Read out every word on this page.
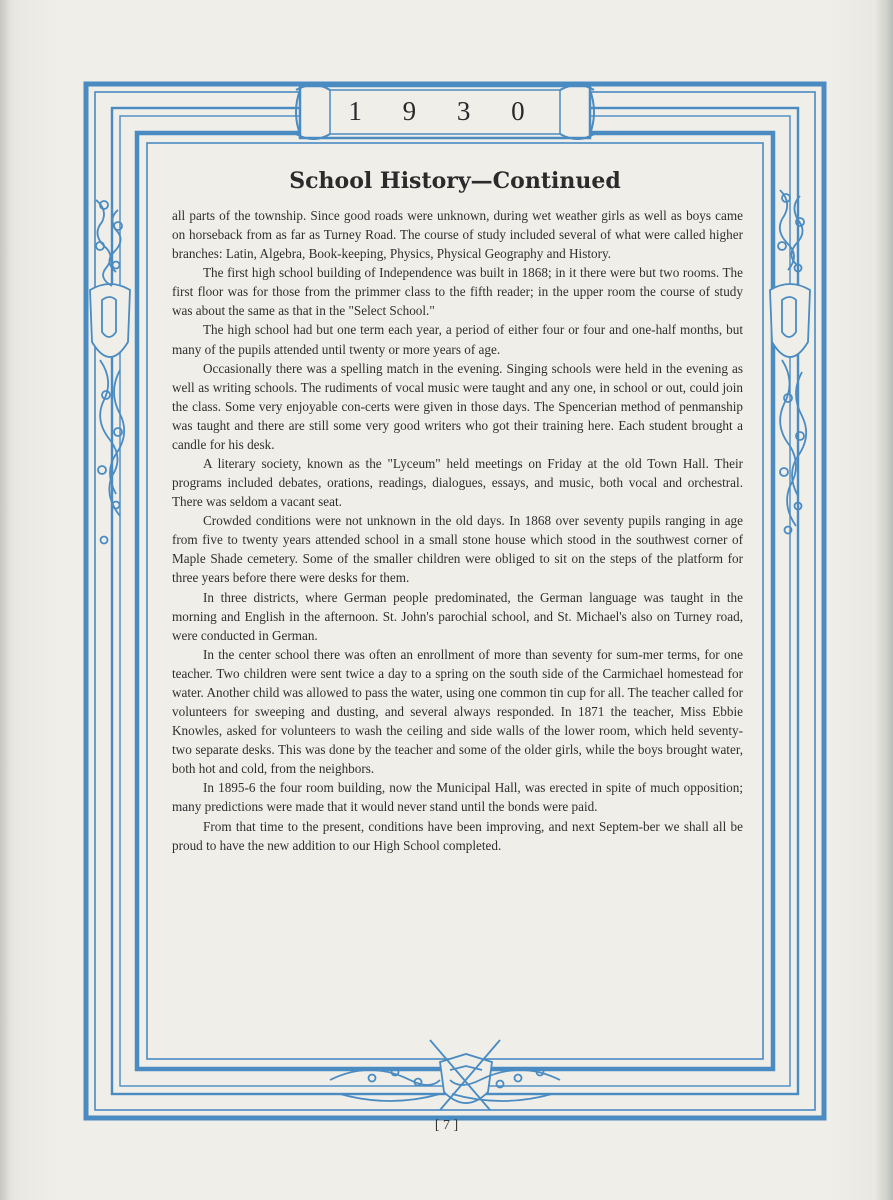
1 9 3 0
School History—Continued

all parts of the township. Since good roads were unknown, during wet weather girls as well as boys came on horseback from as far as Turney Road. The course of study included several of what were called higher branches: Latin, Algebra, Book-keeping, Physics, Physical Geography and History.

The first high school building of Independence was built in 1868; in it there were but two rooms. The first floor was for those from the primmer class to the fifth reader; in the upper room the course of study was about the same as that in the "Select School."

The high school had but one term each year, a period of either four or four and one-half months, but many of the pupils attended until twenty or more years of age.

Occasionally there was a spelling match in the evening. Singing schools were held in the evening as well as writing schools. The rudiments of vocal music were taught and any one, in school or out, could join the class. Some very enjoyable con-certs were given in those days. The Spencerian method of penmanship was taught and there are still some very good writers who got their training here. Each student brought a candle for his desk.

A literary society, known as the "Lyceum" held meetings on Friday at the old Town Hall. Their programs included debates, orations, readings, dialogues, essays, and music, both vocal and orchestral. There was seldom a vacant seat.

Crowded conditions were not unknown in the old days. In 1868 over seventy pupils ranging in age from five to twenty years attended school in a small stone house which stood in the southwest corner of Maple Shade cemetery. Some of the smaller children were obliged to sit on the steps of the platform for three years before there were desks for them.

In three districts, where German people predominated, the German language was taught in the morning and English in the afternoon. St. John's parochial school, and St. Michael's also on Turney road, were conducted in German.

In the center school there was often an enrollment of more than seventy for sum-mer terms, for one teacher. Two children were sent twice a day to a spring on the south side of the Carmichael homestead for water. Another child was allowed to pass the water, using one common tin cup for all. The teacher called for volunteers for sweeping and dusting, and several always responded. In 1871 the teacher, Miss Ebbie Knowles, asked for volunteers to wash the ceiling and side walls of the lower room, which held seventy-two separate desks. This was done by the teacher and some of the older girls, while the boys brought water, both hot and cold, from the neighbors.

In 1895-6 the four room building, now the Municipal Hall, was erected in spite of much opposition; many predictions were made that it would never stand until the bonds were paid.

From that time to the present, conditions have been improving, and next Septem-ber we shall all be proud to have the new addition to our High School completed.

[ 7 ]
